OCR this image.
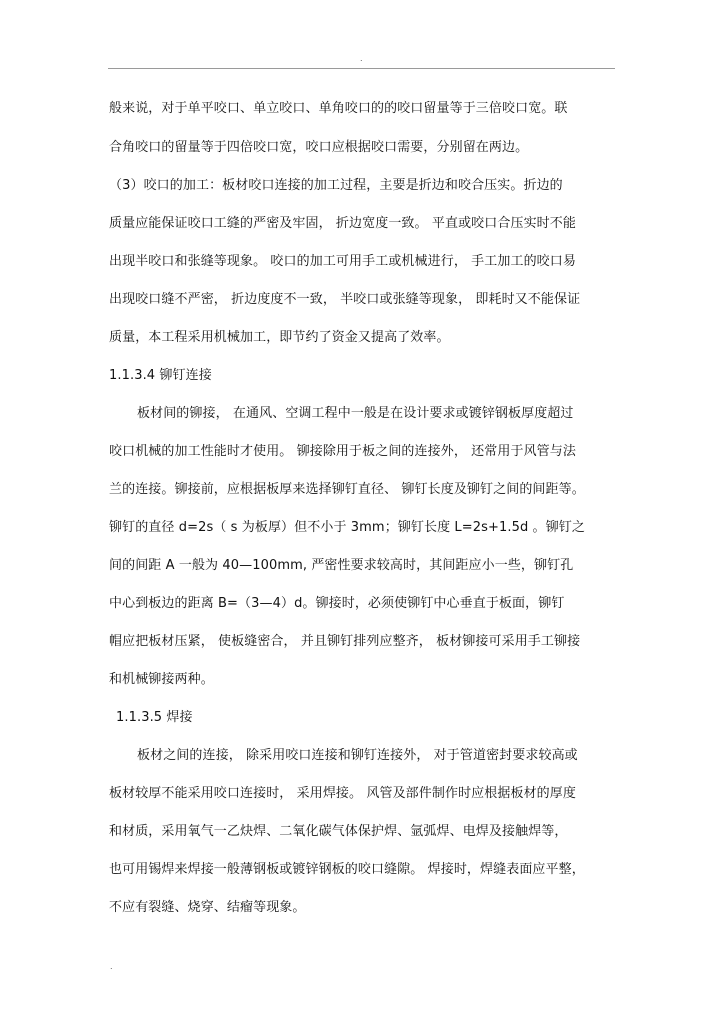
.
般来说，对于单平咬口、单立咬口、单角咬口的的咬口留量等于三倍咬口宽。联
合角咬口的留量等于四倍咬口宽，咬口应根据咬口需要，分别留在两边。
（3）咬口的加工：板材咬口连接的加工过程，主要是折边和咬合压实。折边的
质量应能保证咬口工缝的严密及牢固， 折边宽度一致。 平直或咬口合压实时不能
出现半咬口和张缝等现象。 咬口的加工可用手工或机械进行， 手工加工的咬口易
出现咬口缝不严密， 折边度度不一致， 半咬口或张缝等现象， 即耗时又不能保证
质量，本工程采用机械加工，即节约了资金又提高了效率。
1.1.3.4 铆钉连接
板材间的铆接， 在通风、空调工程中一般是在设计要求或镀锌钢板厚度超过
咬口机械的加工性能时才使用。 铆接除用于板之间的连接外， 还常用于风管与法
兰的连接。铆接前，应根据板厚来选择铆钉直径、 铆钉长度及铆钉之间的间距等。
铆钉的直径 d=2s（ s 为板厚）但不小于 3mm；铆钉长度 L=2s+1.5d 。铆钉之
间的间距 A 一般为 40—100mm, 严密性要求较高时，其间距应小一些，铆钉孔
中心到板边的距离 B=（3—4）d。铆接时，必须使铆钉中心垂直于板面，铆钉
帽应把板材压紧， 使板缝密合， 并且铆钉排列应整齐， 板材铆接可采用手工铆接
和机械铆接两种。
1.1.3.5 焊接
板材之间的连接， 除采用咬口连接和铆钉连接外， 对于管道密封要求较高或
板材较厚不能采用咬口连接时， 采用焊接。 风管及部件制作时应根据板材的厚度
和材质，采用氧气一乙炔焊、二氧化碳气体保护焊、氩弧焊、电焊及接触焊等，
也可用锡焊来焊接一般薄钢板或镀锌钢板的咬口缝隙。 焊接时，焊缝表面应平整，
不应有裂缝、烧穿、结瘤等现象。
.
